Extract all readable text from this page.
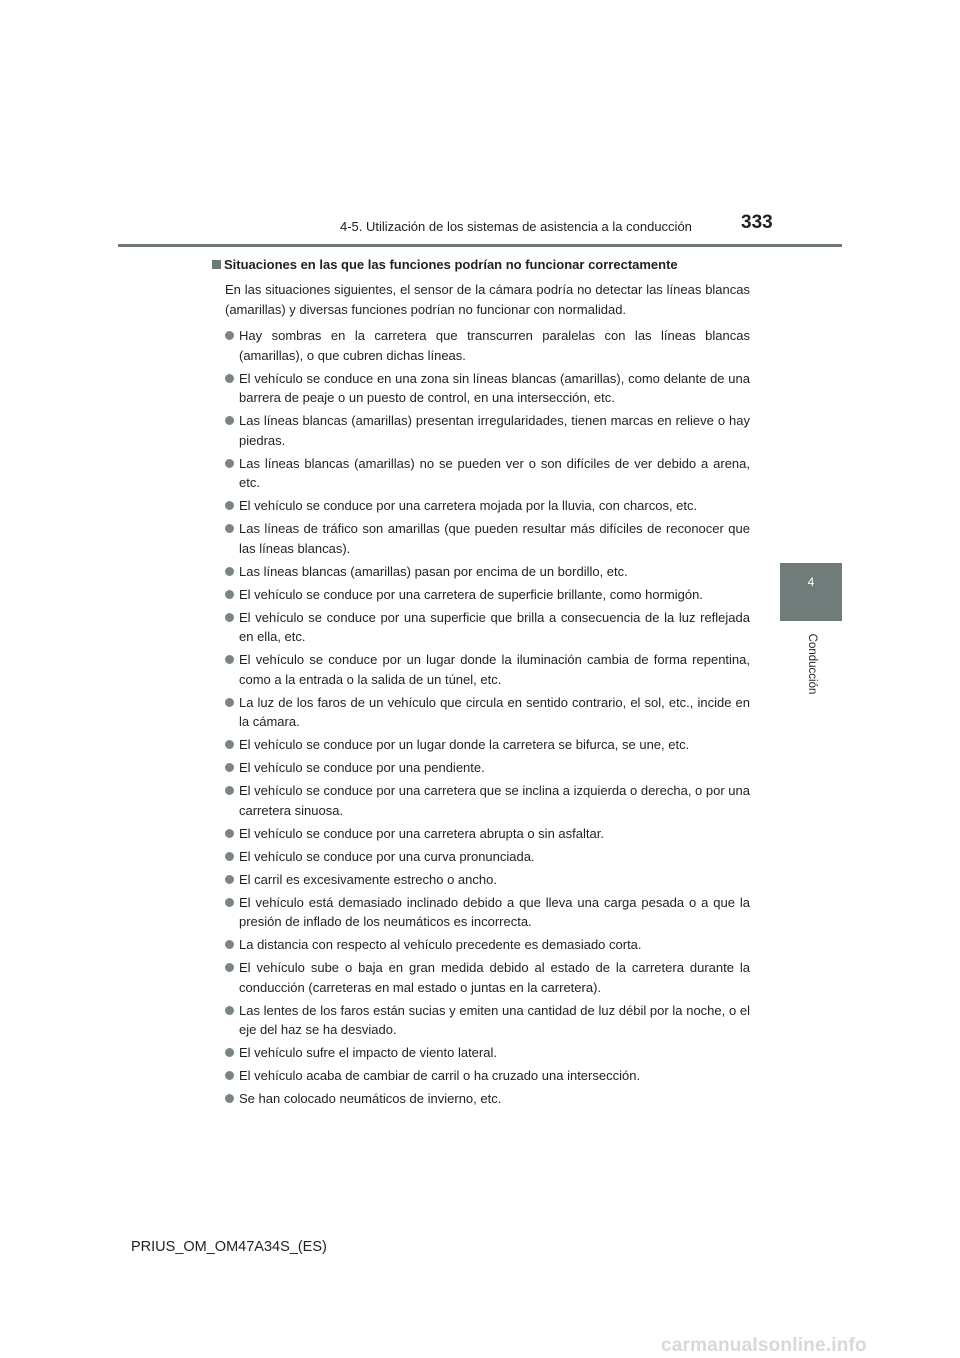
4-5. Utilización de los sistemas de asistencia a la conducción	333
4
Conducción
Situaciones en las que las funciones podrían no funcionar correctamente

En las situaciones siguientes, el sensor de la cámara podría no detectar las líneas blancas (amarillas) y diversas funciones podrían no funcionar con normalidad.

Hay sombras en la carretera que transcurren paralelas con las líneas blancas (amarillas), o que cubren dichas líneas.
El vehículo se conduce en una zona sin líneas blancas (amarillas), como delante de una barrera de peaje o un puesto de control, en una intersección, etc.
Las líneas blancas (amarillas) presentan irregularidades, tienen marcas en relieve o hay piedras.
Las líneas blancas (amarillas) no se pueden ver o son difíciles de ver debido a arena, etc.
El vehículo se conduce por una carretera mojada por la lluvia, con charcos, etc.
Las líneas de tráfico son amarillas (que pueden resultar más difíciles de reconocer que las líneas blancas).
Las líneas blancas (amarillas) pasan por encima de un bordillo, etc.
El vehículo se conduce por una carretera de superficie brillante, como hormigón.
El vehículo se conduce por una superficie que brilla a consecuencia de la luz reflejada en ella, etc.
El vehículo se conduce por un lugar donde la iluminación cambia de forma repentina, como a la entrada o la salida de un túnel, etc.
La luz de los faros de un vehículo que circula en sentido contrario, el sol, etc., incide en la cámara.
El vehículo se conduce por un lugar donde la carretera se bifurca, se une, etc.
El vehículo se conduce por una pendiente.
El vehículo se conduce por una carretera que se inclina a izquierda o derecha, o por una carretera sinuosa.
El vehículo se conduce por una carretera abrupta o sin asfaltar.
El vehículo se conduce por una curva pronunciada.
El carril es excesivamente estrecho o ancho.
El vehículo está demasiado inclinado debido a que lleva una carga pesada o a que la presión de inflado de los neumáticos es incorrecta.
La distancia con respecto al vehículo precedente es demasiado corta.
El vehículo sube o baja en gran medida debido al estado de la carretera durante la conducción (carreteras en mal estado o juntas en la carretera).
Las lentes de los faros están sucias y emiten una cantidad de luz débil por la noche, o el eje del haz se ha desviado.
El vehículo sufre el impacto de viento lateral.
El vehículo acaba de cambiar de carril o ha cruzado una intersección.
Se han colocado neumáticos de invierno, etc.
PRIUS_OM_OM47A34S_(ES)
carmanualsonline.info
